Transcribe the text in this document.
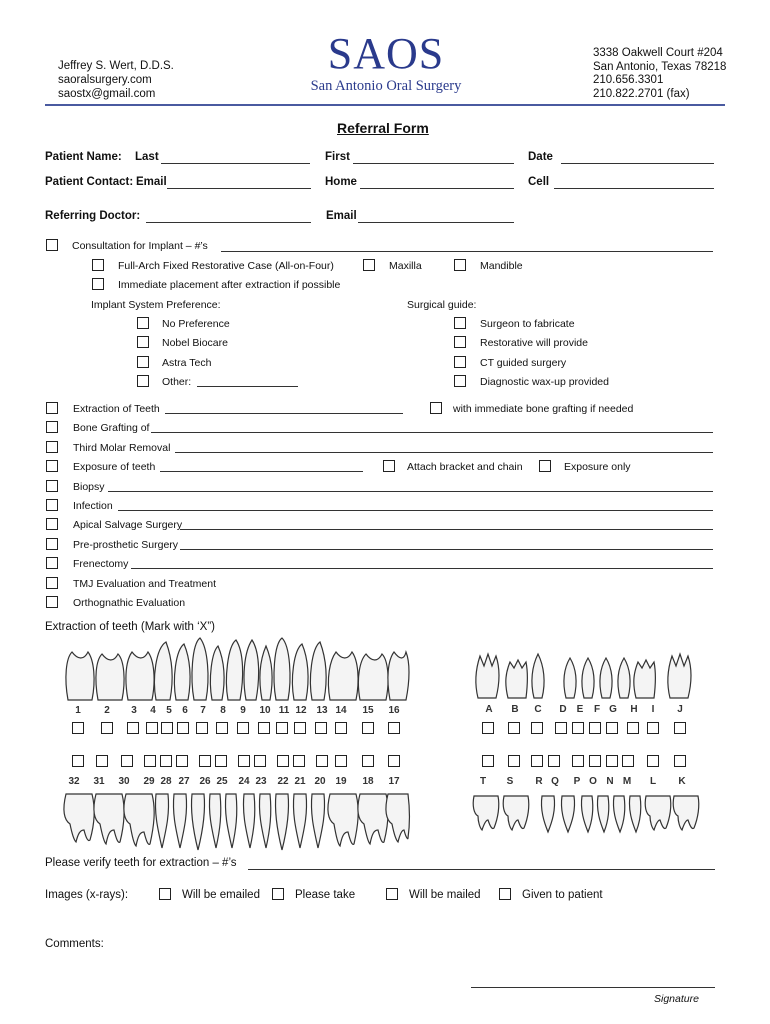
Jeffrey S. Wert, D.D.S.
saoralsurgery.com
saostx@gmail.com
SAOS
San Antonio Oral Surgery
3338 Oakwell Court #204
San Antonio, Texas 78218
210.656.3301
210.822.2701 (fax)
Referral Form
Patient Name: Last	First	Date
Patient Contact: Email	Home	Cell
Referring Doctor:	Email
Consultation for Implant – #’s
Full-Arch Fixed Restorative Case (All-on-Four)	Maxilla	Mandible
Immediate placement after extraction if possible
Implant System Preference:	Surgical guide:
No Preference
Nobel Biocare
Astra Tech
Other:
Surgeon to fabricate
Restorative will provide
CT guided surgery
Diagnostic wax-up provided
Extraction of Teeth	with immediate bone grafting if needed
Bone Grafting of
Third Molar Removal
Exposure of teeth	Attach bracket and chain	Exposure only
Biopsy
Infection
Apical Salvage Surgery
Pre-prosthetic Surgery
Frenectomy
TMJ Evaluation and Treatment
Orthognathic Evaluation
Extraction of teeth (Mark with ‘X”)
1	2	3	4	5	6	7	8	9	10 11 12 13 14	15	16
32	31	30	29 28 27 26 25	24 23	22 21 20 19	18	17
A	B	C	D	E	F G	H	I	J
T	S	R Q	P O N M	L	K
Please verify teeth for extraction – #’s
Images (x-rays):	Will be emailed	Please take	Will be mailed	Given to patient
Comments:
Signature
